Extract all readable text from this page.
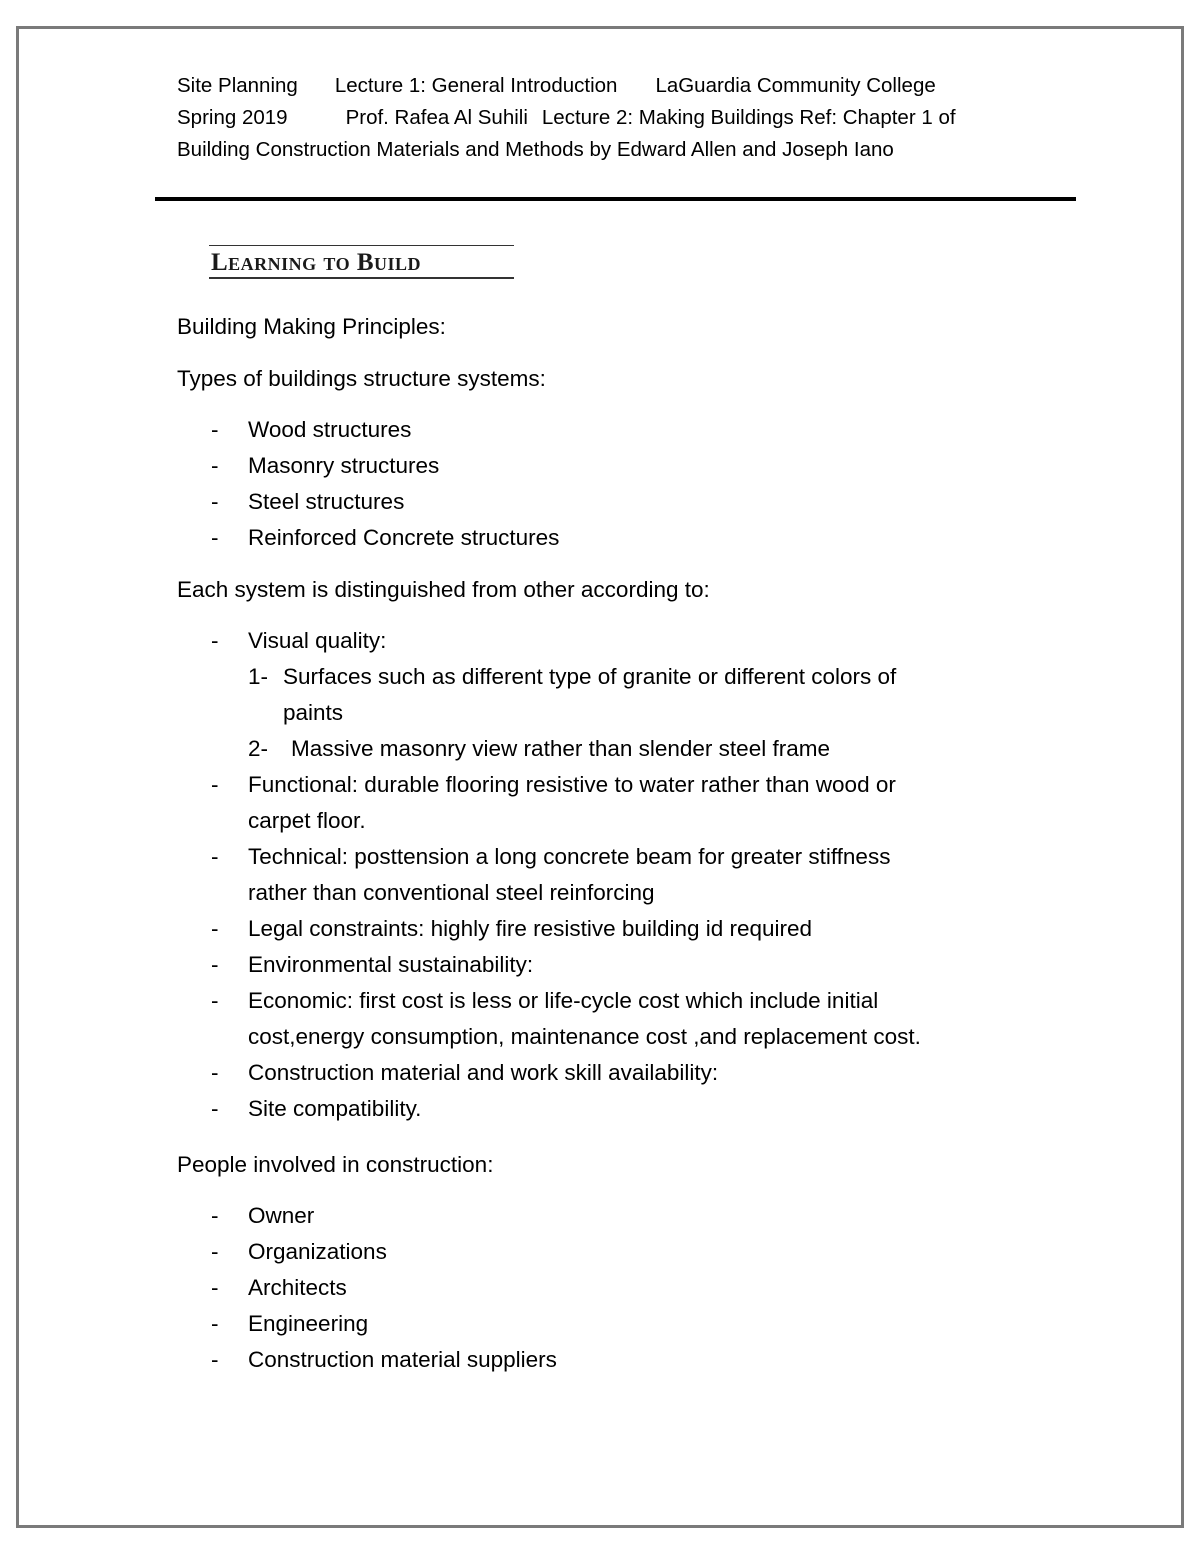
Site Planning Lecture 1: General Introduction LaGuardia Community College
Spring 2019	Prof. Rafea Al Suhili Lecture 2: Making Buildings Ref: Chapter 1 of
Building Construction Materials and Methods by Edward Allen and Joseph Iano
Learning to Build
Building Making Principles:
Types of buildings structure systems:
- Wood structures
- Masonry structures
- Steel structures
- Reinforced Concrete structures
Each system is distinguished from other according to:
- Visual quality:
1- Surfaces such as different type of granite or different colors of
paints
2-	Massive masonry view rather than slender steel frame
- Functional: durable flooring resistive to water rather than wood or
carpet floor.
- Technical: posttension a long concrete beam for greater stiffness
rather than conventional steel reinforcing
- Legal constraints: highly fire resistive building id required
- Environmental sustainability:
- Economic: first cost is less or life-cycle cost which include initial
cost,energy consumption, maintenance cost ,and replacement cost.
- Construction material and work skill availability:
- Site compatibility.
People involved in construction:
- Owner
- Organizations
- Architects
- Engineering
- Construction material suppliers
